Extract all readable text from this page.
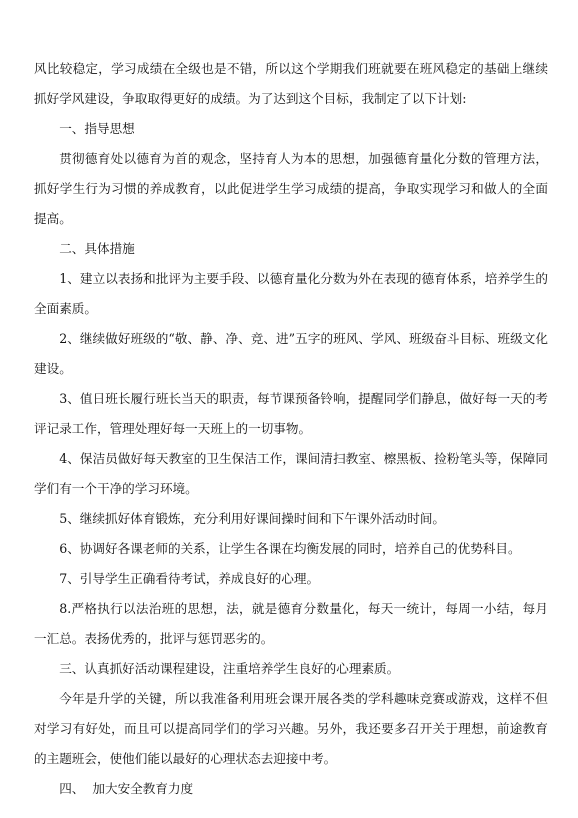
风比较稳定，学习成绩在全级也是不错，所以这个学期我们班就要在班风稳定的基础上继续抓好学风建设，争取取得更好的成绩。为了达到这个目标，我制定了以下计划:

一、指导思想

贯彻德育处以德育为首的观念，坚持育人为本的思想，加强德育量化分数的管理方法，抓好学生行为习惯的养成教育，以此促进学生学习成绩的提高，争取实现学习和做人的全面提高。

二、具体措施

1、建立以表扬和批评为主要手段、以德育量化分数为外在表现的德育体系，培养学生的全面素质。

2、继续做好班级的“敬、静、净、竞、进”五字的班风、学风、班级奋斗目标、班级文化建设。

3、值日班长履行班长当天的职责，每节课预备铃响，提醒同学们静息，做好每一天的考评记录工作，管理处理好每一天班上的一切事物。

4、保洁员做好每天教室的卫生保洁工作，课间清扫教室、檫黑板、捡粉笔头等，保障同学们有一个干净的学习环境。

5、继续抓好体育锻炼，充分利用好课间操时间和下午课外活动时间。

6、协调好各课老师的关系，让学生各课在均衡发展的同时，培养自己的优势科目。

7、引导学生正确看待考试，养成良好的心理。

8.严格执行以法治班的思想，法，就是德育分数量化，每天一统计，每周一小结，每月一汇总。表扬优秀的，批评与惩罚恶劣的。

三、认真抓好活动课程建设，注重培养学生良好的心理素质。

今年是升学的关键，所以我准备利用班会课开展各类的学科趣味竞赛或游戏，这样不但对学习有好处，而且可以提高同学们的学习兴趣。另外，我还要多召开关于理想，前途教育的主题班会，使他们能以最好的心理状态去迎接中考。

四、  加大安全教育力度
